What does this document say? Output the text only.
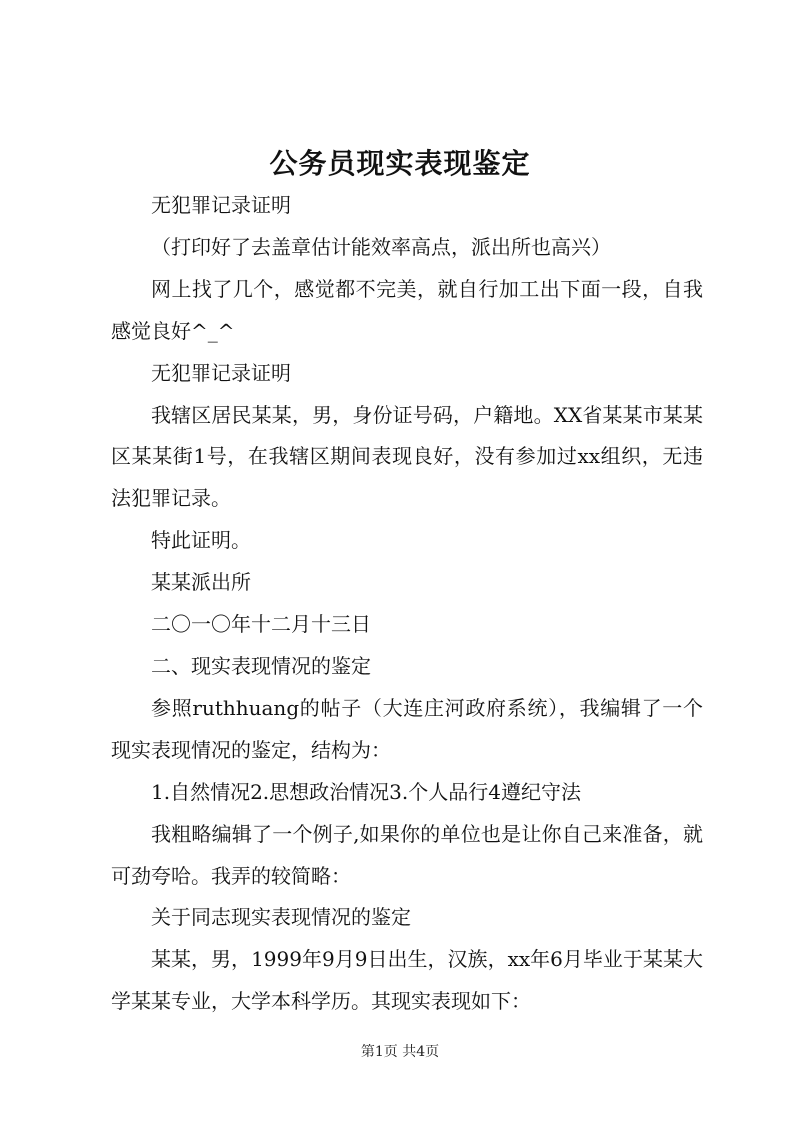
公务员现实表现鉴定

无犯罪记录证明

（打印好了去盖章估计能效率高点，派出所也高兴）

网上找了几个，感觉都不完美，就自行加工出下面一段，自我感觉良好^_^

无犯罪记录证明

我辖区居民某某，男，身份证号码，户籍地。XX省某某市某某区某某街1号，在我辖区期间表现良好，没有参加过xx组织，无违法犯罪记录。

特此证明。

某某派出所

二〇一〇年十二月十三日

二、现实表现情况的鉴定

参照ruthhuang的帖子（大连庄河政府系统），我编辑了一个现实表现情况的鉴定，结构为：

1.自然情况2.思想政治情况3.个人品行4遵纪守法

我粗略编辑了一个例子,如果你的单位也是让你自己来准备，就可劲夸哈。我弄的较简略：

关于同志现实表现情况的鉴定

某某，男，1999年9月9日出生，汉族，xx年6月毕业于某某大学某某专业，大学本科学历。其现实表现如下：

第1页 共4页
